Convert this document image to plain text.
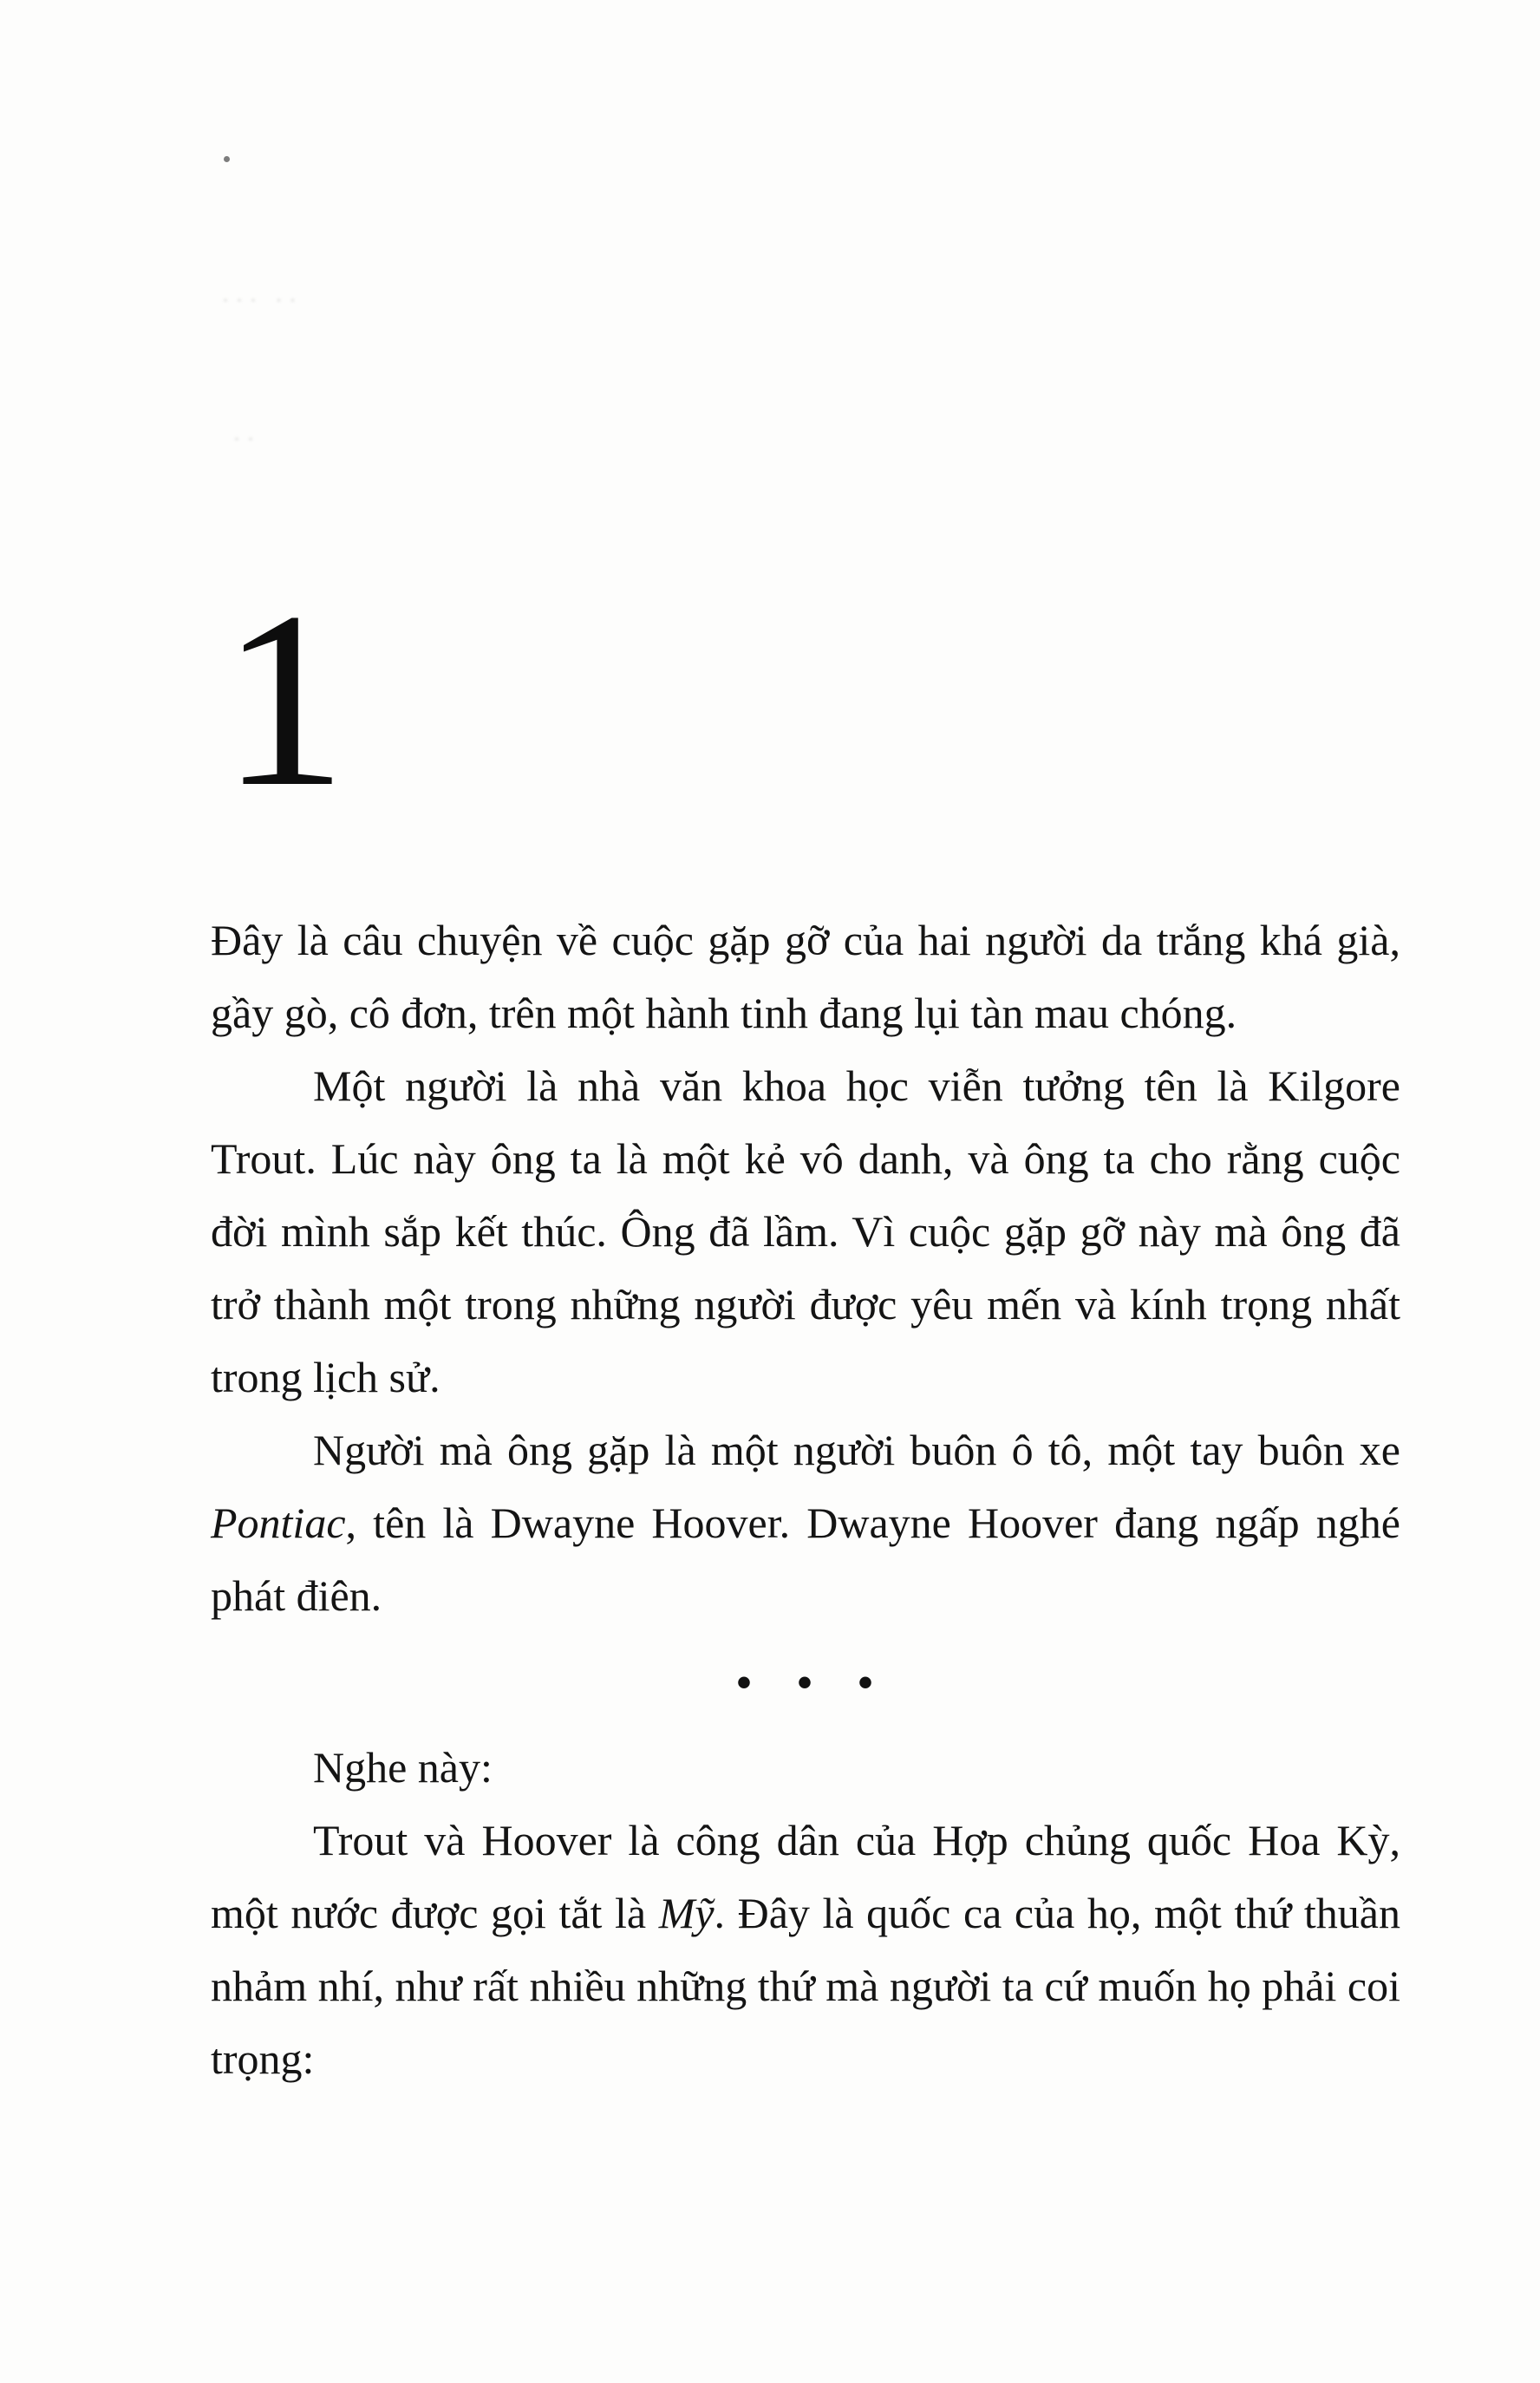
··· ··
··
1

Đây là câu chuyện về cuộc gặp gỡ của hai người da trắng khá già, gầy gò, cô đơn, trên một hành tinh đang lụi tàn mau chóng.

Một người là nhà văn khoa học viễn tưởng tên là Kilgore Trout. Lúc này ông ta là một kẻ vô danh, và ông ta cho rằng cuộc đời mình sắp kết thúc. Ông đã lầm. Vì cuộc gặp gỡ này mà ông đã trở thành một trong những người được yêu mến và kính trọng nhất trong lịch sử.

Người mà ông gặp là một người buôn ô tô, một tay buôn xe Pontiac, tên là Dwayne Hoover. Dwayne Hoover đang ngấp nghé phát điên.

• • •

Nghe này:

Trout và Hoover là công dân của Hợp chủng quốc Hoa Kỳ, một nước được gọi tắt là Mỹ. Đây là quốc ca của họ, một thứ thuần nhảm nhí, như rất nhiều những thứ mà người ta cứ muốn họ phải coi trọng:
